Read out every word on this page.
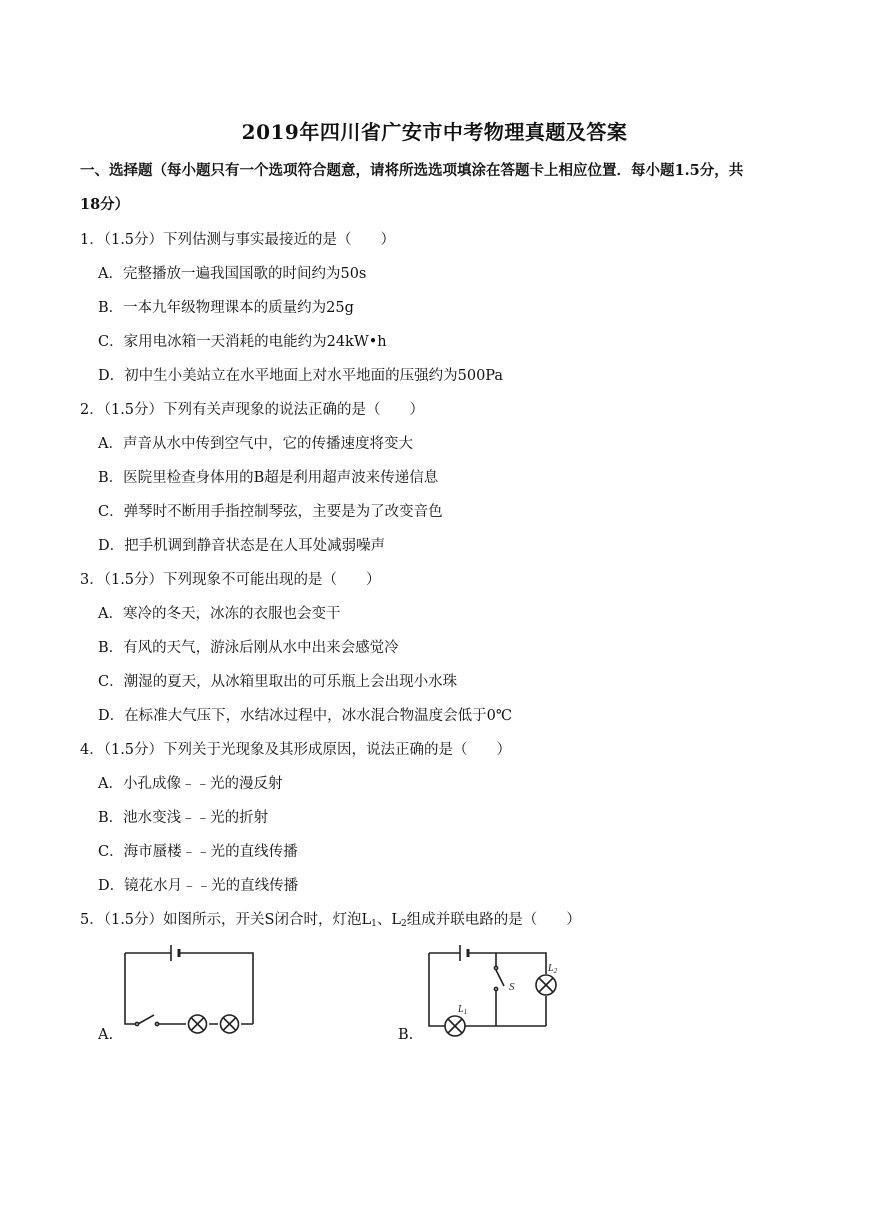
2019年四川省广安市中考物理真题及答案
一、选择题（每小题只有一个选项符合题意，请将所选选项填涂在答题卡上相应位置．每小题1.5分，共
18分）
1．（1.5分）下列估测与事实最接近的是（　　）
A．完整播放一遍我国国歌的时间约为50s
B．一本九年级物理课本的质量约为25g
C．家用电冰箱一天消耗的电能约为24kW•h
D．初中生小美站立在水平地面上对水平地面的压强约为500Pa
2．（1.5分）下列有关声现象的说法正确的是（　　）
A．声音从水中传到空气中，它的传播速度将变大
B．医院里检查身体用的B超是利用超声波来传递信息
C．弹琴时不断用手指控制琴弦，主要是为了改变音色
D．把手机调到静音状态是在人耳处减弱噪声
3．（1.5分）下列现象不可能出现的是（　　）
A．寒冷的冬天，冰冻的衣服也会变干
B．有风的天气，游泳后刚从水中出来会感觉冷
C．潮湿的夏天，从冰箱里取出的可乐瓶上会出现小水珠
D．在标准大气压下，水结冰过程中，冰水混合物温度会低于0℃
4．（1.5分）下列关于光现象及其形成原因，说法正确的是（　　）
A．小孔成像﹣﹣光的漫反射
B．池水变浅﹣﹣光的折射
C．海市蜃楼﹣﹣光的直线传播
D．镜花水月﹣﹣光的直线传播
5．（1.5分）如图所示，开关S闭合时，灯泡$L_1$、$L_2$组成并联电路的是（　　）
A.	B.
S
$L_2$
$L_1$
